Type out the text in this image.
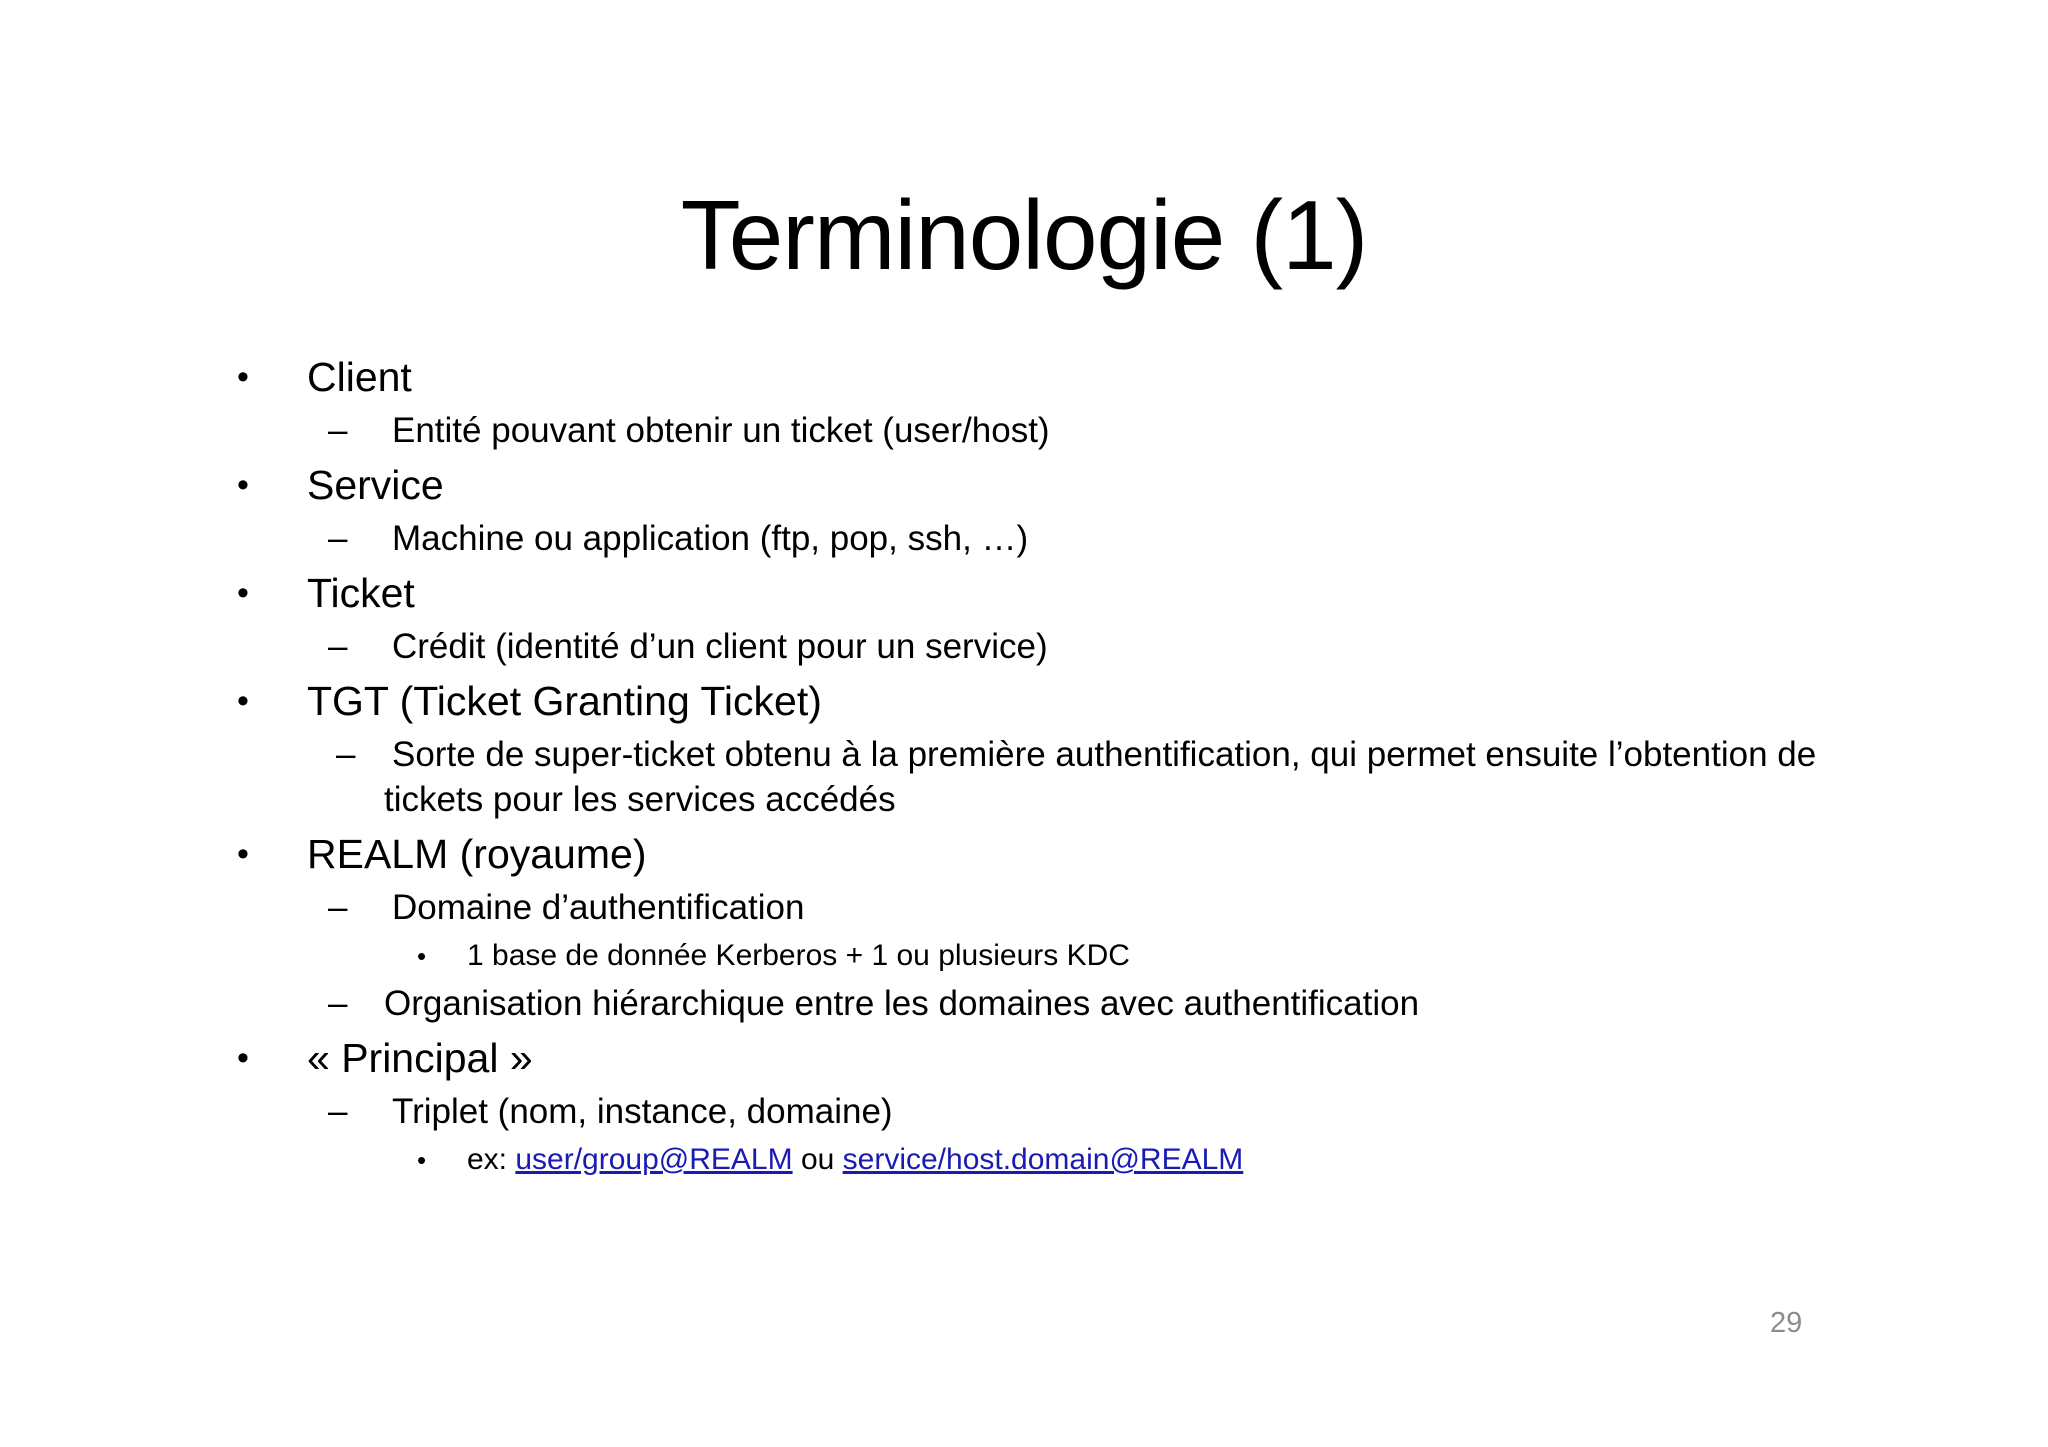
Terminologie (1)
• Client
– Entité pouvant obtenir un ticket (user/host)
• Service
– Machine ou application (ftp, pop, ssh, …)
• Ticket
– Crédit (identité d’un client pour un service)
• TGT (Ticket Granting Ticket)
– Sorte de super-ticket obtenu à la première authentification, qui permet ensuite l’obtention de tickets pour les services accédés
• REALM (royaume)
– Domaine d’authentification
• 1 base de donnée Kerberos + 1 ou plusieurs KDC
– Organisation hiérarchique entre les domaines avec authentification
• « Principal »
– Triplet (nom, instance, domaine)
• ex: user/group@REALM ou service/host.domain@REALM
29
